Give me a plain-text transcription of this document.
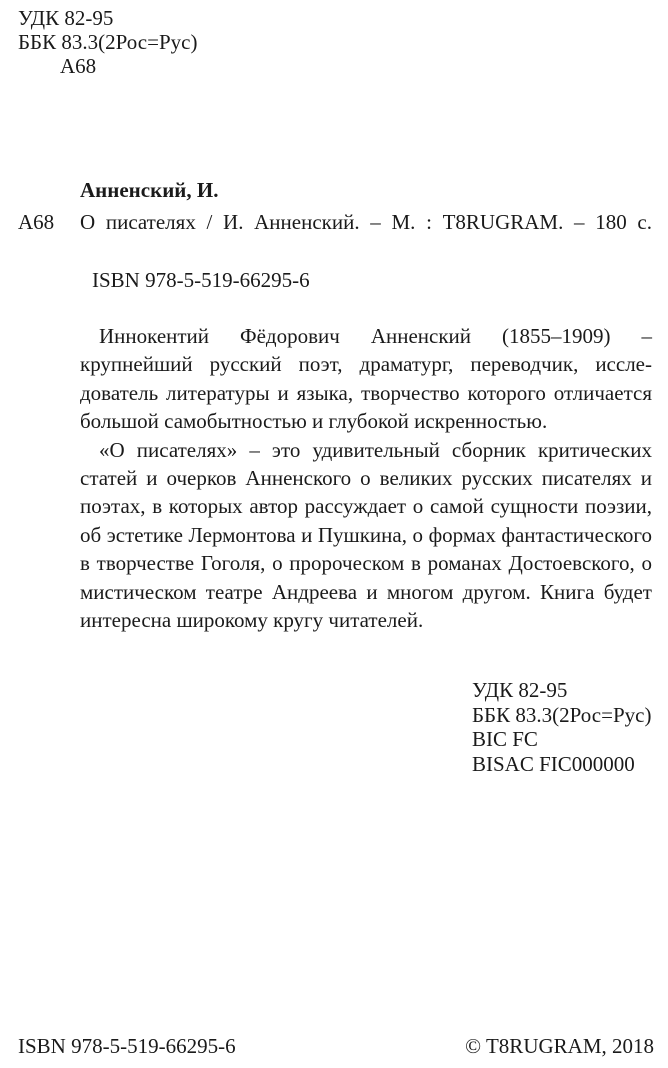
УДК 82-95
ББК 83.3(2Рос=Рус)
А68
Анненский, И.
А68 О писателях / И. Анненский. – М. : T8RUGRAM. – 180 с.
ISBN 978-5-519-66295-6

Иннокентий Фёдорович Анненский (1855–1909) – крупнейший русский поэт, драматург, переводчик, исследователь литературы и языка, творчество которого отличается большой самобытностью и глубокой искренностью.

«О писателях» – это удивительный сборник критических статей и очерков Анненского о великих русских писателях и поэтах, в которых автор рассуждает о самой сущности поэзии, об эстетике Лермонтова и Пушкина, о формах фантастического в творчестве Гоголя, о пророческом в романах Достоевского, о мистическом театре Андреева и многом другом. Книга будет интересна широкому кругу читателей.

УДК 82-95
ББК 83.3(2Рос=Рус)
BIC FC
BISAC FIC000000
ISBN 978-5-519-66295-6	© T8RUGRAM, 2018
